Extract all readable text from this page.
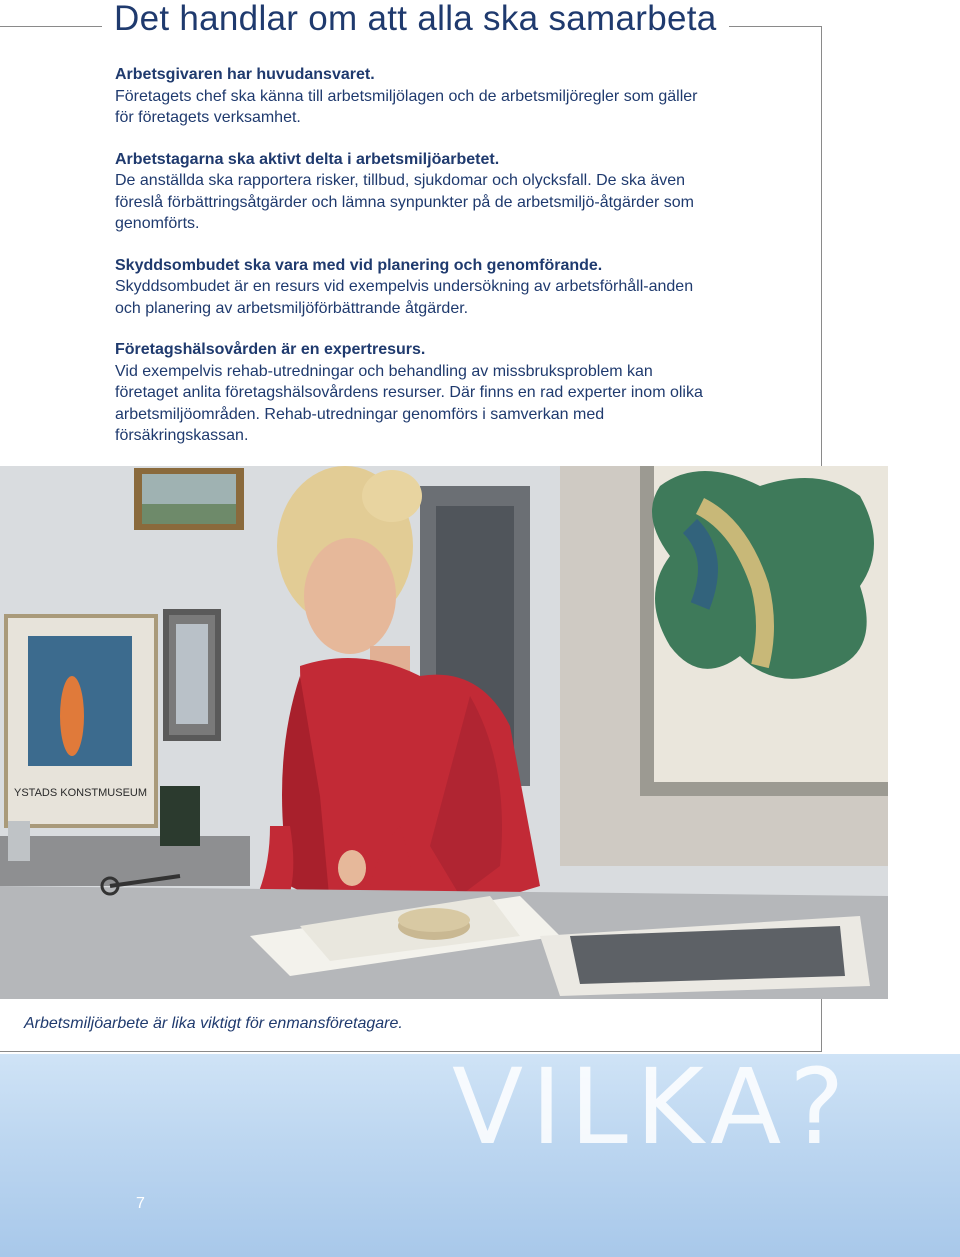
Det handlar om att alla ska samarbeta

Arbetsgivaren har huvudansvaret.
Företagets chef ska känna till arbetsmiljölagen och de arbetsmiljöregler som gäller för företagets verksamhet.

Arbetstagarna ska aktivt delta i arbetsmiljöarbetet.
De anställda ska rapportera risker, tillbud, sjukdomar och olycksfall. De ska även föreslå förbättringsåtgärder och lämna synpunkter på de arbetsmiljö-åtgärder som genomförts.

Skyddsombudet ska vara med vid planering och genomförande.
Skyddsombudet är en resurs vid exempelvis undersökning av arbetsförhåll-anden och planering av arbetsmiljöförbättrande åtgärder.

Företagshälsovården är en expertresurs.
Vid exempelvis rehab-utredningar och behandling av missbruksproblem kan företaget anlita företagshälsovårdens resurser. Där finns en rad experter inom olika arbetsmiljöområden. Rehab-utredningar genomförs i samverkan med försäkringskassan.

YSTADS KONSTMUSEUM
Arbetsmiljöarbete är lika viktigt för enmansföretagare.
VILKA?
7
